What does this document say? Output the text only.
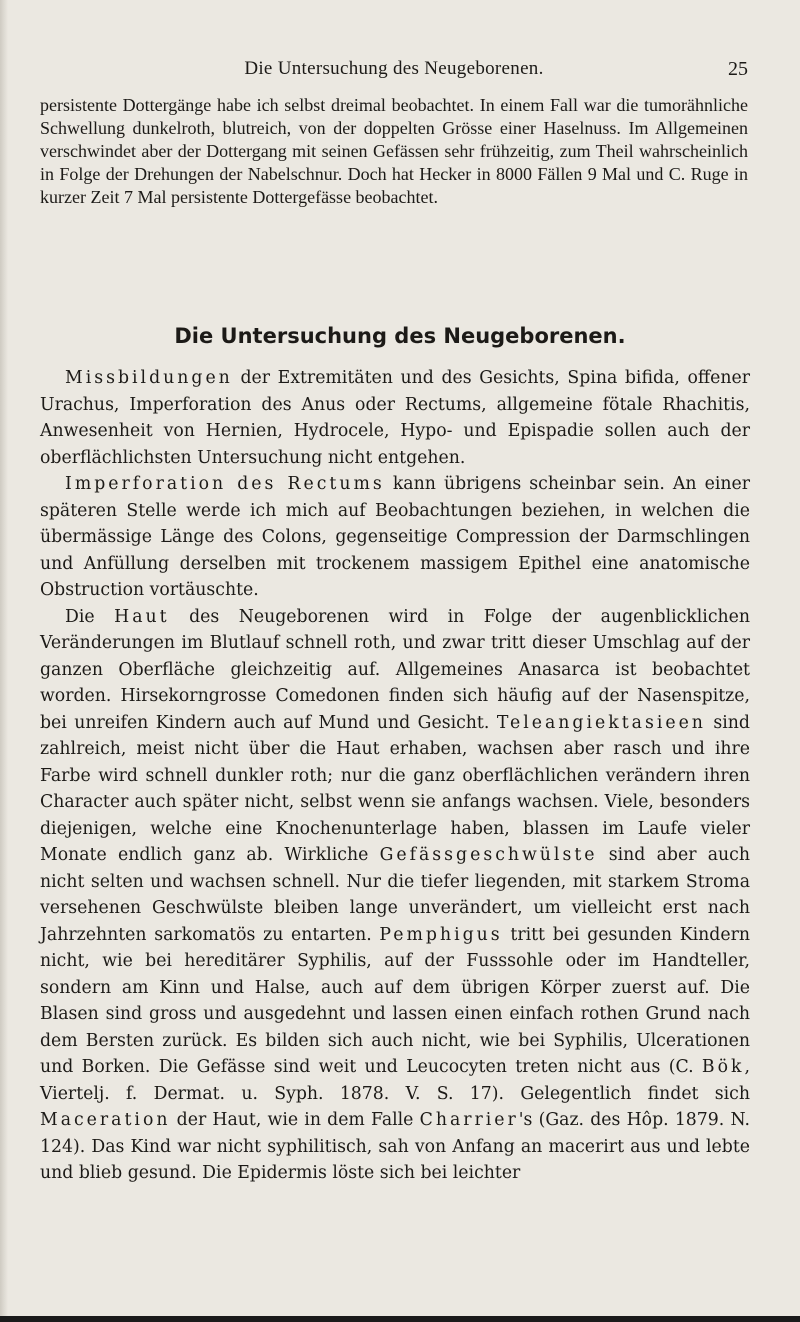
Die Untersuchung des Neugeborenen.	25
persistente Dottergänge habe ich selbst dreimal beobachtet. In einem Fall war die tumorähnliche Schwellung dunkelroth, blutreich, von der doppelten Grösse einer Haselnuss. Im Allgemeinen verschwindet aber der Dottergang mit seinen Gefässen sehr frühzeitig, zum Theil wahrscheinlich in Folge der Drehungen der Nabelschnur. Doch hat Hecker in 8000 Fällen 9 Mal und C. Ruge in kurzer Zeit 7 Mal persistente Dottergefässe beobachtet.
Die Untersuchung des Neugeborenen.

Missbildungen der Extremitäten und des Gesichts, Spina bifida, offener Urachus, Imperforation des Anus oder Rectums, allgemeine fötale Rhachitis, Anwesenheit von Hernien, Hydrocele, Hypo- und Epispadie sollen auch der oberflächlichsten Untersuchung nicht entgehen.

Imperforation des Rectums kann übrigens scheinbar sein. An einer späteren Stelle werde ich mich auf Beobachtungen beziehen, in welchen die übermässige Länge des Colons, gegenseitige Compression der Darmschlingen und Anfüllung derselben mit trockenem massigem Epithel eine anatomische Obstruction vortäuschte.

Die Haut des Neugeborenen wird in Folge der augenblicklichen Veränderungen im Blutlauf schnell roth, und zwar tritt dieser Umschlag auf der ganzen Oberfläche gleichzeitig auf. Allgemeines Anasarca ist beobachtet worden. Hirsekorngrosse Comedonen finden sich häufig auf der Nasenspitze, bei unreifen Kindern auch auf Mund und Gesicht. Teleangiektasieen sind zahlreich, meist nicht über die Haut erhaben, wachsen aber rasch und ihre Farbe wird schnell dunkler roth; nur die ganz oberflächlichen verändern ihren Character auch später nicht, selbst wenn sie anfangs wachsen. Viele, besonders diejenigen, welche eine Knochenunterlage haben, blassen im Laufe vieler Monate endlich ganz ab. Wirkliche Gefässgeschwülste sind aber auch nicht selten und wachsen schnell. Nur die tiefer liegenden, mit starkem Stroma versehenen Geschwülste bleiben lange unverändert, um vielleicht erst nach Jahrzehnten sarkomatös zu entarten. Pemphigus tritt bei gesunden Kindern nicht, wie bei hereditärer Syphilis, auf der Fusssohle oder im Handteller, sondern am Kinn und Halse, auch auf dem übrigen Körper zuerst auf. Die Blasen sind gross und ausgedehnt und lassen einen einfach rothen Grund nach dem Bersten zurück. Es bilden sich auch nicht, wie bei Syphilis, Ulcerationen und Borken. Die Gefässe sind weit und Leucocyten treten nicht aus (C. Bök, Viertelj. f. Dermat. u. Syph. 1878. V. S. 17). Gelegentlich findet sich Maceration der Haut, wie in dem Falle Charrier's (Gaz. des Hôp. 1879. N. 124). Das Kind war nicht syphilitisch, sah von Anfang an macerirt aus und lebte und blieb gesund. Die Epidermis löste sich bei leichter
